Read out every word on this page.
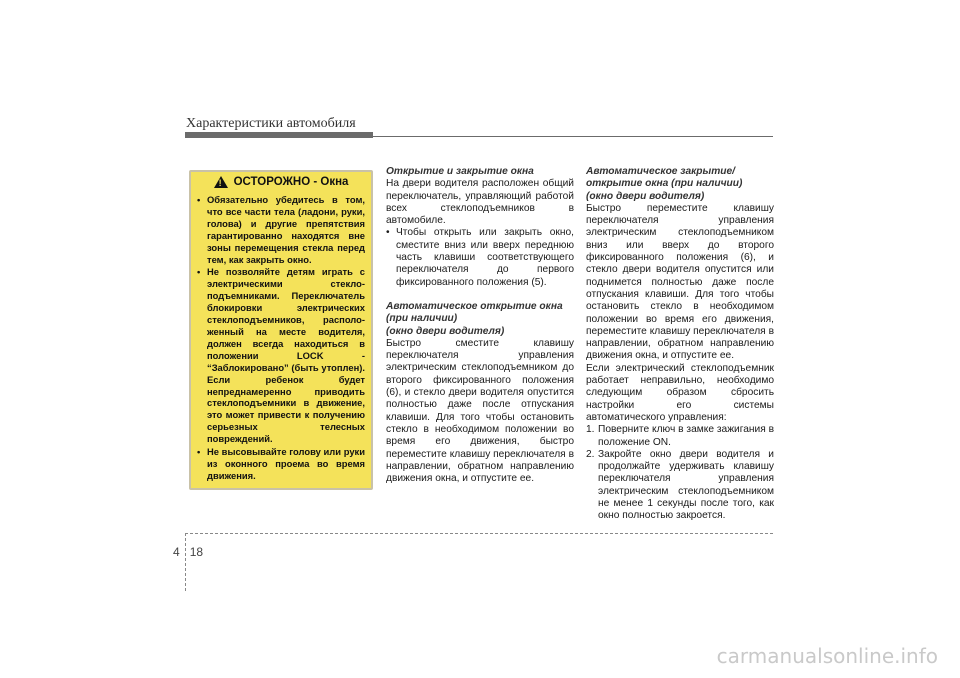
Характеристики автомобиля
! ОСТОРОЖНО - Окна
• Обязательно убедитесь в том, что все части тела (ладони, руки, голова) и другие препятствия гарантированно находятся вне зоны перемещения стекла перед тем, как закрыть окно.
• Не позволяйте детям играть с электрическими стекло-подъемниками. Переключатель блокировки электрических стеклоподъемников, располо-женный на месте водителя, должен всегда находиться в положении LOCK - “Заблокировано” (быть утоплен). Если ребенок будет непреднамеренно приводить стеклоподъемники в движение, это может привести к получению серьезных телесных повреждений.
• Не высовывайте голову или руки из оконного проема во время движения.
Открытие и закрытие окна

На двери водителя расположен общий переключатель, управляющий работой всех стеклоподъемников в автомобиле.

• Чтобы открыть или закрыть окно, сместите вниз или вверх переднюю часть клавиши соответствующего переключателя до первого фиксированного положения (5).
Автоматическое открытие окна
(при наличии)
(окно двери водителя)

Быстро сместите клавишу переключателя управления электрическим стеклоподъемником до второго фиксированного положения (6), и стекло двери водителя опустится полностью даже после отпускания клавиши. Для того чтобы остановить стекло в необходимом положении во время его движения, быстро переместите клавишу переключателя в направлении, обратном направлению движения окна, и отпустите ее.

Автоматическое закрытие/
открытие окна (при наличии)
(окно двери водителя)

Быстро переместите клавишу переключателя управления электрическим стеклоподъемником вниз или вверх до второго фиксированного положения (6), и стекло двери водителя опустится или поднимется полностью даже после отпускания клавиши. Для того чтобы остановить стекло в необходимом положении во время его движения, переместите клавишу переключателя в направлении, обратном направлению движения окна, и отпустите ее.

Если электрический стеклоподъемник работает неправильно, необходимо следующим образом сбросить настройки его системы автоматического управления:

1. Поверните ключ в замке зажигания в положение ON.
2. Закройте окно двери водителя и продолжайте удерживать клавишу переключателя управления электрическим стеклоподъемником не менее 1 секунды после того, как окно полностью закроется.
4 18
carmanualsonline.info
